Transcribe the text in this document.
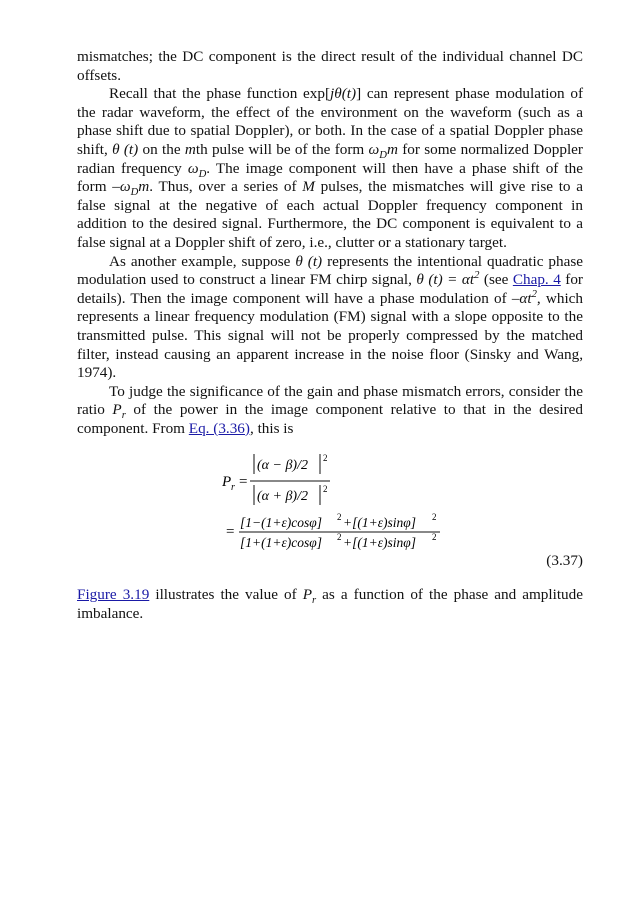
mismatches; the DC component is the direct result of the individual channel DC offsets.

Recall that the phase function exp[jθ(t)] can represent phase modulation of the radar waveform, the effect of the environment on the waveform (such as a phase shift due to spatial Doppler), or both. In the case of a spatial Doppler phase shift, θ (t) on the mth pulse will be of the form $\omega_Dm$ for some normalized Doppler radian frequency $\omega_D$. The image component will then have a phase shift of the form $-\omega_Dm$. Thus, over a series of M pulses, the mismatches will give rise to a false signal at the negative of each actual Doppler frequency component in addition to the desired signal. Furthermore, the DC component is equivalent to a false signal at a Doppler shift of zero, i.e., clutter or a stationary target.

As another example, suppose θ (t) represents the intentional quadratic phase modulation used to construct a linear FM chirp signal, θ $(t) = \alpha t^2$ (see Chap. 4 for details). Then the image component will have a phase modulation of $-\alpha t^2$, which represents a linear frequency modulation (FM) signal with a slope opposite to the transmitted pulse. This signal will not be properly compressed by the matched filter, instead causing an apparent increase in the noise floor (Sinsky and Wang, 1974).

To judge the significance of the gain and phase mismatch errors, consider the ratio $P_r$ of the power in the image component relative to that in the desired component. From Eq. (3.36), this is

P r =
(α − β)/2 2
(α + β)/2 2
=
[1−(1+ε)cosφ] 2 +[(1+ε)sinφ] 2
[1+(1+ε)cosφ] 2 +[(1+ε)sinφ] 2
(3.37)

Figure 3.19 illustrates the value of $P_r$ as a function of the phase and amplitude imbalance.
